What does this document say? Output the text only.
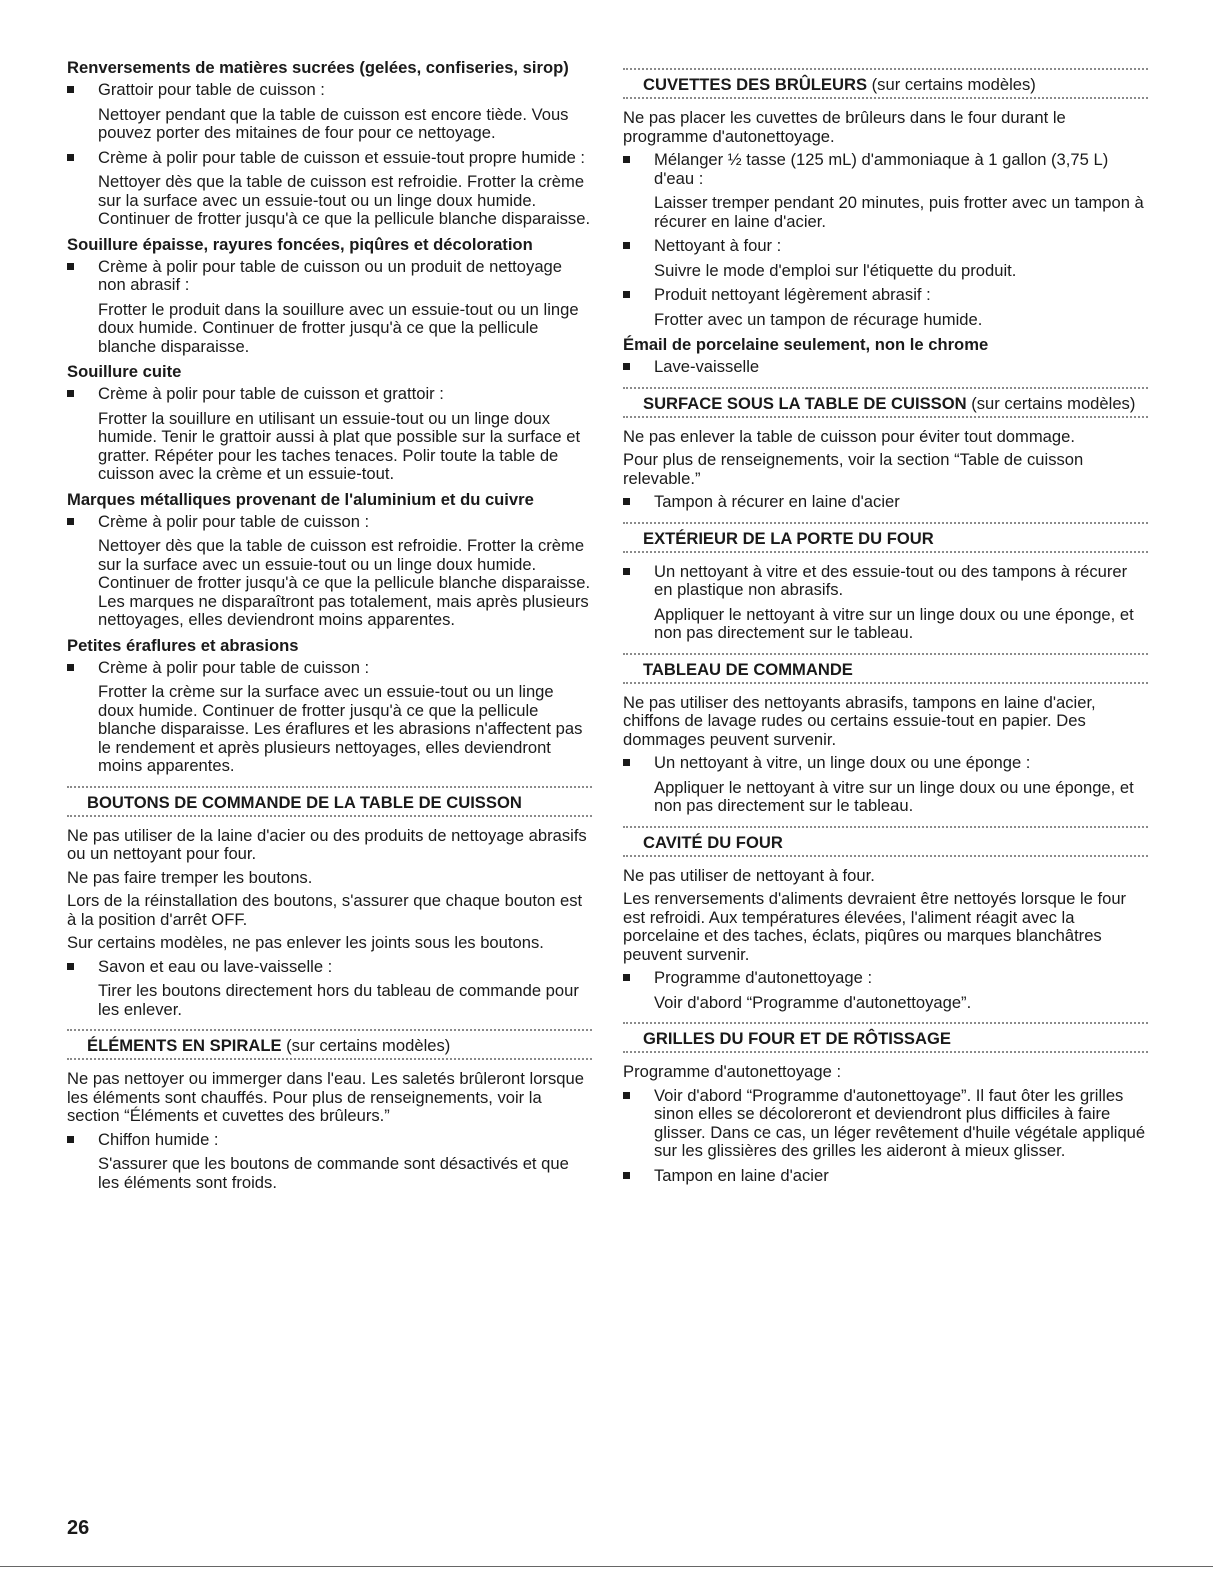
Renversements de matières sucrées (gelées, confiseries, sirop)
Grattoir pour table de cuisson :
Nettoyer pendant que la table de cuisson est encore tiède. Vous pouvez porter des mitaines de four pour ce nettoyage.
Crème à polir pour table de cuisson et essuie-tout propre humide :
Nettoyer dès que la table de cuisson est refroidie. Frotter la crème sur la surface avec un essuie-tout ou un linge doux humide. Continuer de frotter jusqu'à ce que la pellicule blanche disparaisse.
Souillure épaisse, rayures foncées, piqûres et décoloration
Crème à polir pour table de cuisson ou un produit de nettoyage non abrasif :
Frotter le produit dans la souillure avec un essuie-tout ou un linge doux humide. Continuer de frotter jusqu'à ce que la pellicule blanche disparaisse.
Souillure cuite
Crème à polir pour table de cuisson et grattoir :
Frotter la souillure en utilisant un essuie-tout ou un linge doux humide. Tenir le grattoir aussi à plat que possible sur la surface et gratter. Répéter pour les taches tenaces. Polir toute la table de cuisson avec la crème et un essuie-tout.
Marques métalliques provenant de l'aluminium et du cuivre
Crème à polir pour table de cuisson :
Nettoyer dès que la table de cuisson est refroidie. Frotter la crème sur la surface avec un essuie-tout ou un linge doux humide. Continuer de frotter jusqu'à ce que la pellicule blanche disparaisse. Les marques ne disparaîtront pas totalement, mais après plusieurs nettoyages, elles deviendront moins apparentes.
Petites éraflures et abrasions
Crème à polir pour table de cuisson :
Frotter la crème sur la surface avec un essuie-tout ou un linge doux humide. Continuer de frotter jusqu'à ce que la pellicule blanche disparaisse. Les éraflures et les abrasions n'affectent pas le rendement et après plusieurs nettoyages, elles deviendront moins apparentes.
BOUTONS DE COMMANDE DE LA TABLE DE CUISSON

Ne pas utiliser de la laine d'acier ou des produits de nettoyage abrasifs ou un nettoyant pour four.

Ne pas faire tremper les boutons.

Lors de la réinstallation des boutons, s'assurer que chaque bouton est à la position d'arrêt OFF.

Sur certains modèles, ne pas enlever les joints sous les boutons.

Savon et eau ou lave-vaisselle :
Tirer les boutons directement hors du tableau de commande pour les enlever.
ÉLÉMENTS EN SPIRALE (sur certains modèles)

Ne pas nettoyer ou immerger dans l'eau. Les saletés brûleront lorsque les éléments sont chauffés. Pour plus de renseignements, voir la section “Éléments et cuvettes des brûleurs.”

Chiffon humide :
S'assurer que les boutons de commande sont désactivés et que les éléments sont froids.
CUVETTES DES BRÛLEURS (sur certains modèles)

Ne pas placer les cuvettes de brûleurs dans le four durant le programme d'autonettoyage.

Mélanger ½ tasse (125 mL) d'ammoniaque à 1 gallon (3,75 L) d'eau :
Laisser tremper pendant 20 minutes, puis frotter avec un tampon à récurer en laine d'acier.
Nettoyant à four :
Suivre le mode d'emploi sur l'étiquette du produit.
Produit nettoyant légèrement abrasif :
Frotter avec un tampon de récurage humide.
Émail de porcelaine seulement, non le chrome
Lave-vaisselle
SURFACE SOUS LA TABLE DE CUISSON (sur certains modèles)

Ne pas enlever la table de cuisson pour éviter tout dommage.

Pour plus de renseignements, voir la section “Table de cuisson relevable.”

Tampon à récurer en laine d'acier
EXTÉRIEUR DE LA PORTE DU FOUR
Un nettoyant à vitre et des essuie-tout ou des tampons à récurer en plastique non abrasifs.
Appliquer le nettoyant à vitre sur un linge doux ou une éponge, et non pas directement sur le tableau.
TABLEAU DE COMMANDE

Ne pas utiliser des nettoyants abrasifs, tampons en laine d'acier, chiffons de lavage rudes ou certains essuie-tout en papier. Des dommages peuvent survenir.

Un nettoyant à vitre, un linge doux ou une éponge :
Appliquer le nettoyant à vitre sur un linge doux ou une éponge, et non pas directement sur le tableau.
CAVITÉ DU FOUR

Ne pas utiliser de nettoyant à four.

Les renversements d'aliments devraient être nettoyés lorsque le four est refroidi. Aux températures élevées, l'aliment réagit avec la porcelaine et des taches, éclats, piqûres ou marques blanchâtres peuvent survenir.

Programme d'autonettoyage :
Voir d'abord “Programme d'autonettoyage”.
GRILLES DU FOUR ET DE RÔTISSAGE

Programme d'autonettoyage :

Voir d'abord “Programme d'autonettoyage”. Il faut ôter les grilles sinon elles se décoloreront et deviendront plus difficiles à faire glisser. Dans ce cas, un léger revêtement d'huile végétale appliqué sur les glissières des grilles les aideront à mieux glisser.
Tampon en laine d'acier
26
